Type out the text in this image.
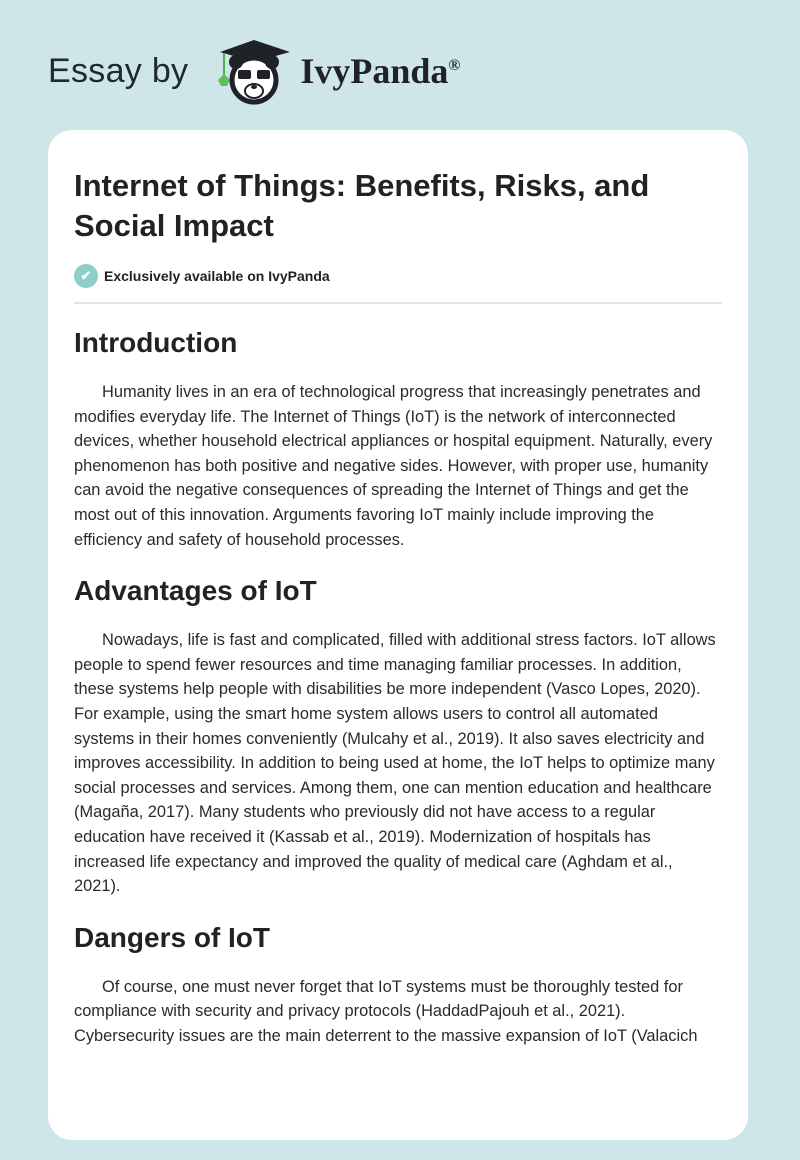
Essay by	IvyPanda®
Internet of Things: Benefits, Risks, and Social Impact
✔ Exclusively available on IvyPanda
Introduction

Humanity lives in an era of technological progress that increasingly penetrates and modifies everyday life. The Internet of Things (IoT) is the network of interconnected devices, whether household electrical appliances or hospital equipment. Naturally, every phenomenon has both positive and negative sides. However, with proper use, humanity can avoid the negative consequences of spreading the Internet of Things and get the most out of this innovation. Arguments favoring IoT mainly include improving the efficiency and safety of household processes.

Advantages of IoT

Nowadays, life is fast and complicated, filled with additional stress factors. IoT allows people to spend fewer resources and time managing familiar processes. In addition, these systems help people with disabilities be more independent (Vasco Lopes, 2020). For example, using the smart home system allows users to control all automated systems in their homes conveniently (Mulcahy et al., 2019). It also saves electricity and improves accessibility. In addition to being used at home, the IoT helps to optimize many social processes and services. Among them, one can mention education and healthcare (Magaña, 2017). Many students who previously did not have access to a regular education have received it (Kassab et al., 2019). Modernization of hospitals has increased life expectancy and improved the quality of medical care (Aghdam et al., 2021).

Dangers of IoT

Of course, one must never forget that IoT systems must be thoroughly tested for compliance with security and privacy protocols (HaddadPajouh et al., 2021). Cybersecurity issues are the main deterrent to the massive expansion of IoT (Valacich
